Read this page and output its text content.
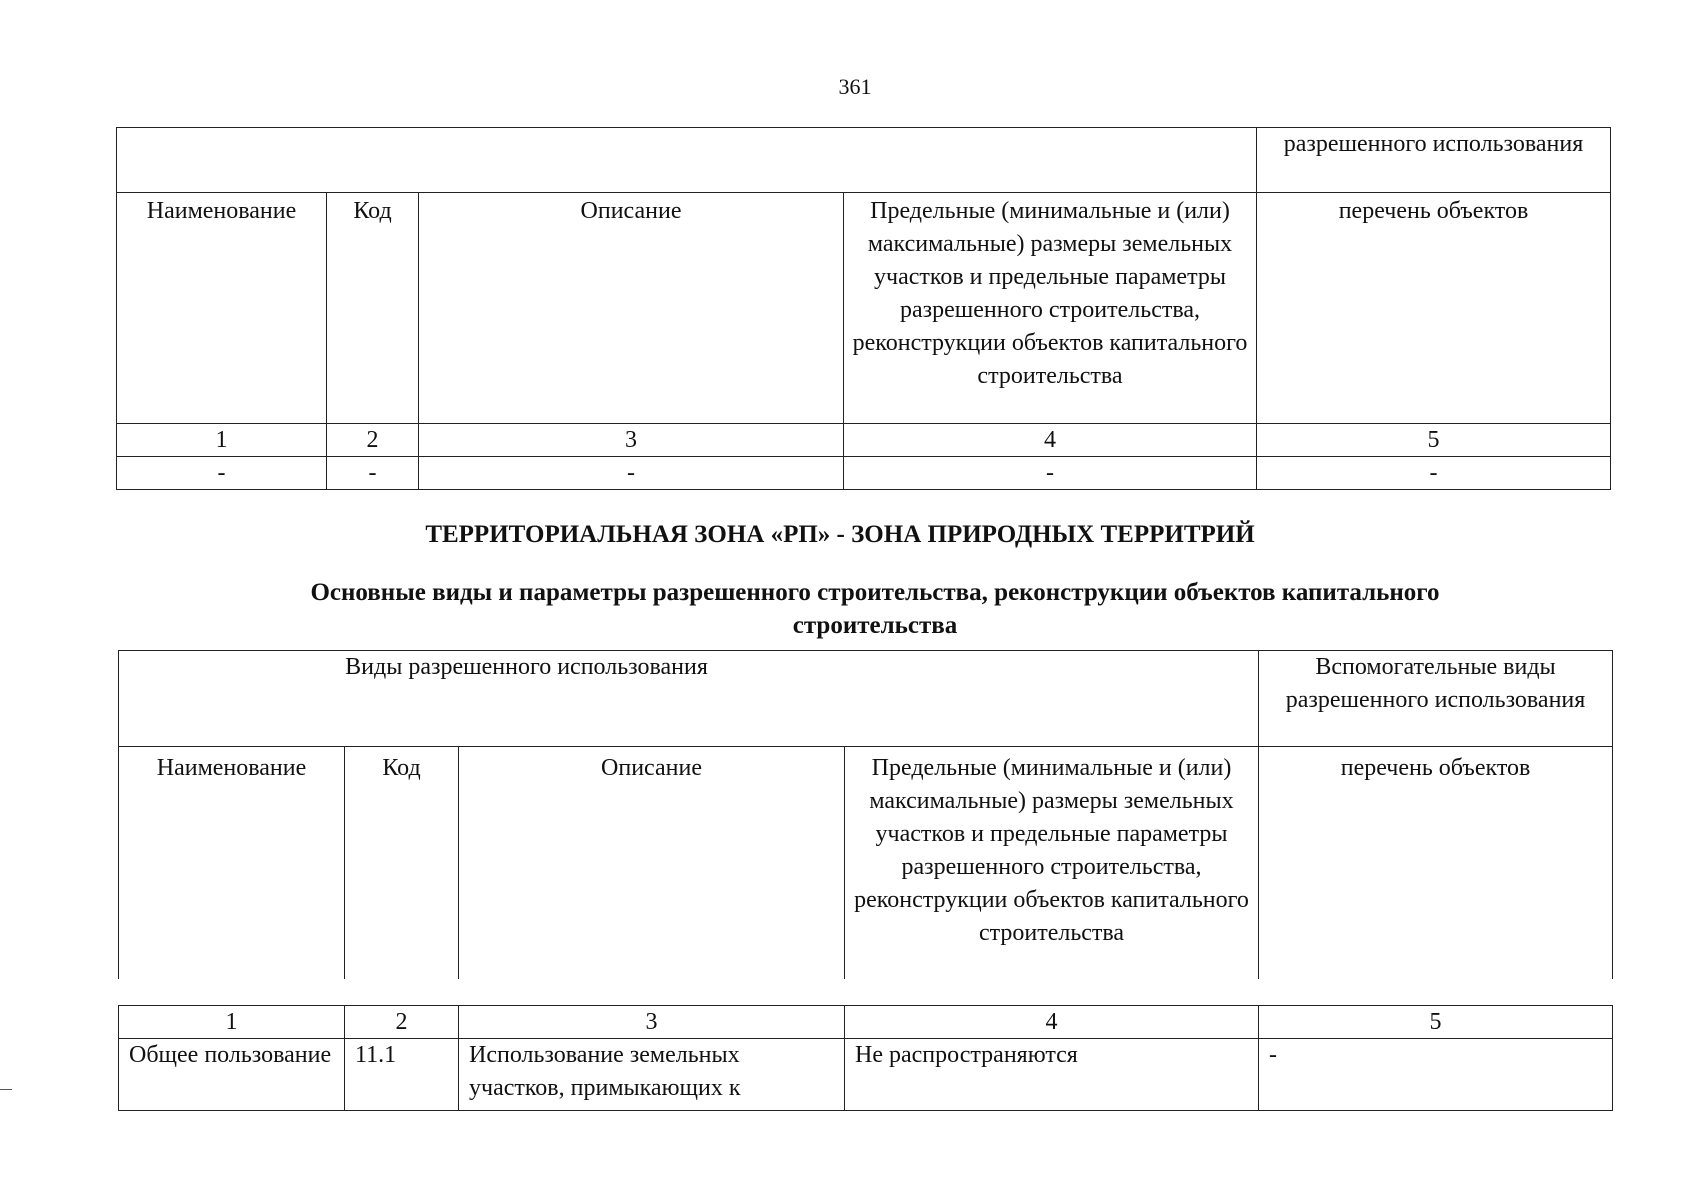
361
				разрешенного использования
Наименование	Код	Описание	Предельные (минимальные и (или) максимальные) размеры земельных участков и предельные параметры разрешенного строительства, реконструкции объектов капитального строительства	перечень объектов
1	2	3	4	5
-	-	-	-	-
ТЕРРИТОРИАЛЬНАЯ ЗОНА «РП» - ЗОНА ПРИРОДНЫХ ТЕРРИТРИЙ
Основные виды и параметры разрешенного строительства, реконструкции объектов капитального строительства
Виды разрешенного использования				Вспомогательные виды разрешенного использования
Наименование	Код	Описание	Предельные (минимальные и (или) максимальные) размеры земельных участков и предельные параметры разрешенного строительства, реконструкции объектов капитального строительства	перечень объектов
1	2	3	4	5
Общее пользование	11.1	Использование земельных участков, примыкающих к	Не распространяются	-
